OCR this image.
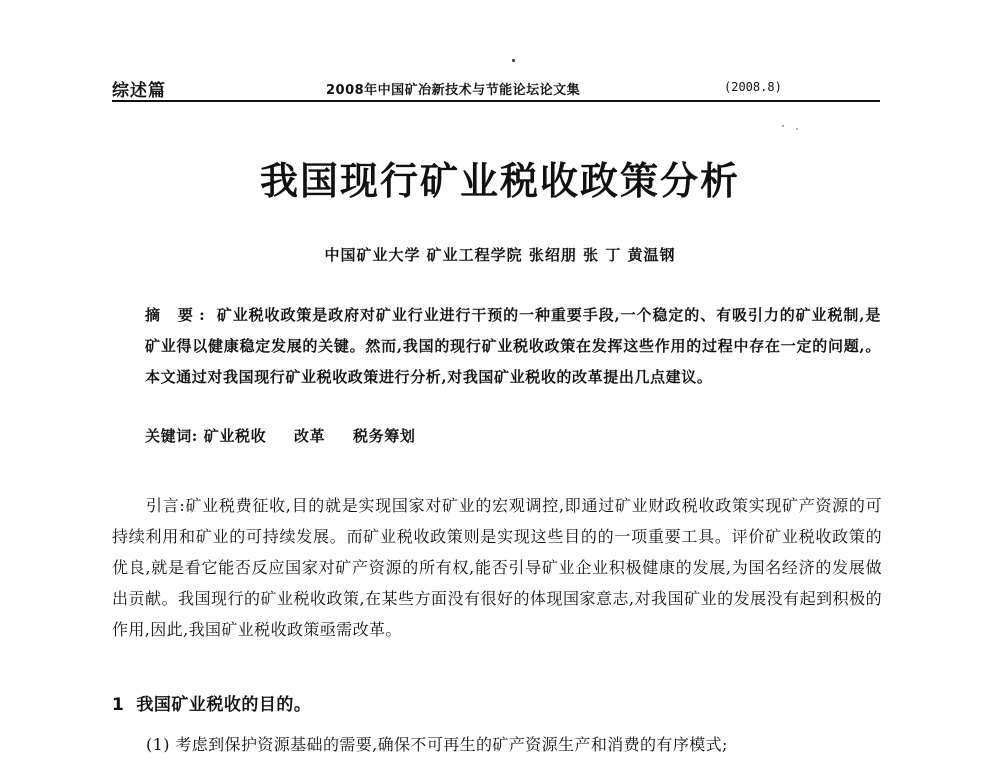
综述篇	2008年中国矿冶新技术与节能论坛论文集	(2008.8)
我国现行矿业税收政策分析
中国矿业大学 矿业工程学院 张绍朋 张 丁 黄温钢
摘 要: 矿业税收政策是政府对矿业行业进行干预的一种重要手段,一个稳定的、有吸引力的矿业税制,是矿业得以健康稳定发展的关键。然而,我国的现行矿业税收政策在发挥这些作用的过程中存在一定的问题,。本文通过对我国现行矿业税收政策进行分析,对我国矿业税收的改革提出几点建议。
关键词: 矿业税收 改革 税务筹划
引言:矿业税费征收,目的就是实现国家对矿业的宏观调控,即通过矿业财政税收政策实现矿产资源的可持续利用和矿业的可持续发展。而矿业税收政策则是实现这些目的的一项重要工具。评价矿业税收政策的优良,就是看它能否反应国家对矿产资源的所有权,能否引导矿业企业积极健康的发展,为国名经济的发展做出贡献。我国现行的矿业税收政策,在某些方面没有很好的体现国家意志,对我国矿业的发展没有起到积极的作用,因此,我国矿业税收政策亟需改革。
1 我国矿业税收的目的。
(1) 考虑到保护资源基础的需要,确保不可再生的矿产资源生产和消费的有序模式;
